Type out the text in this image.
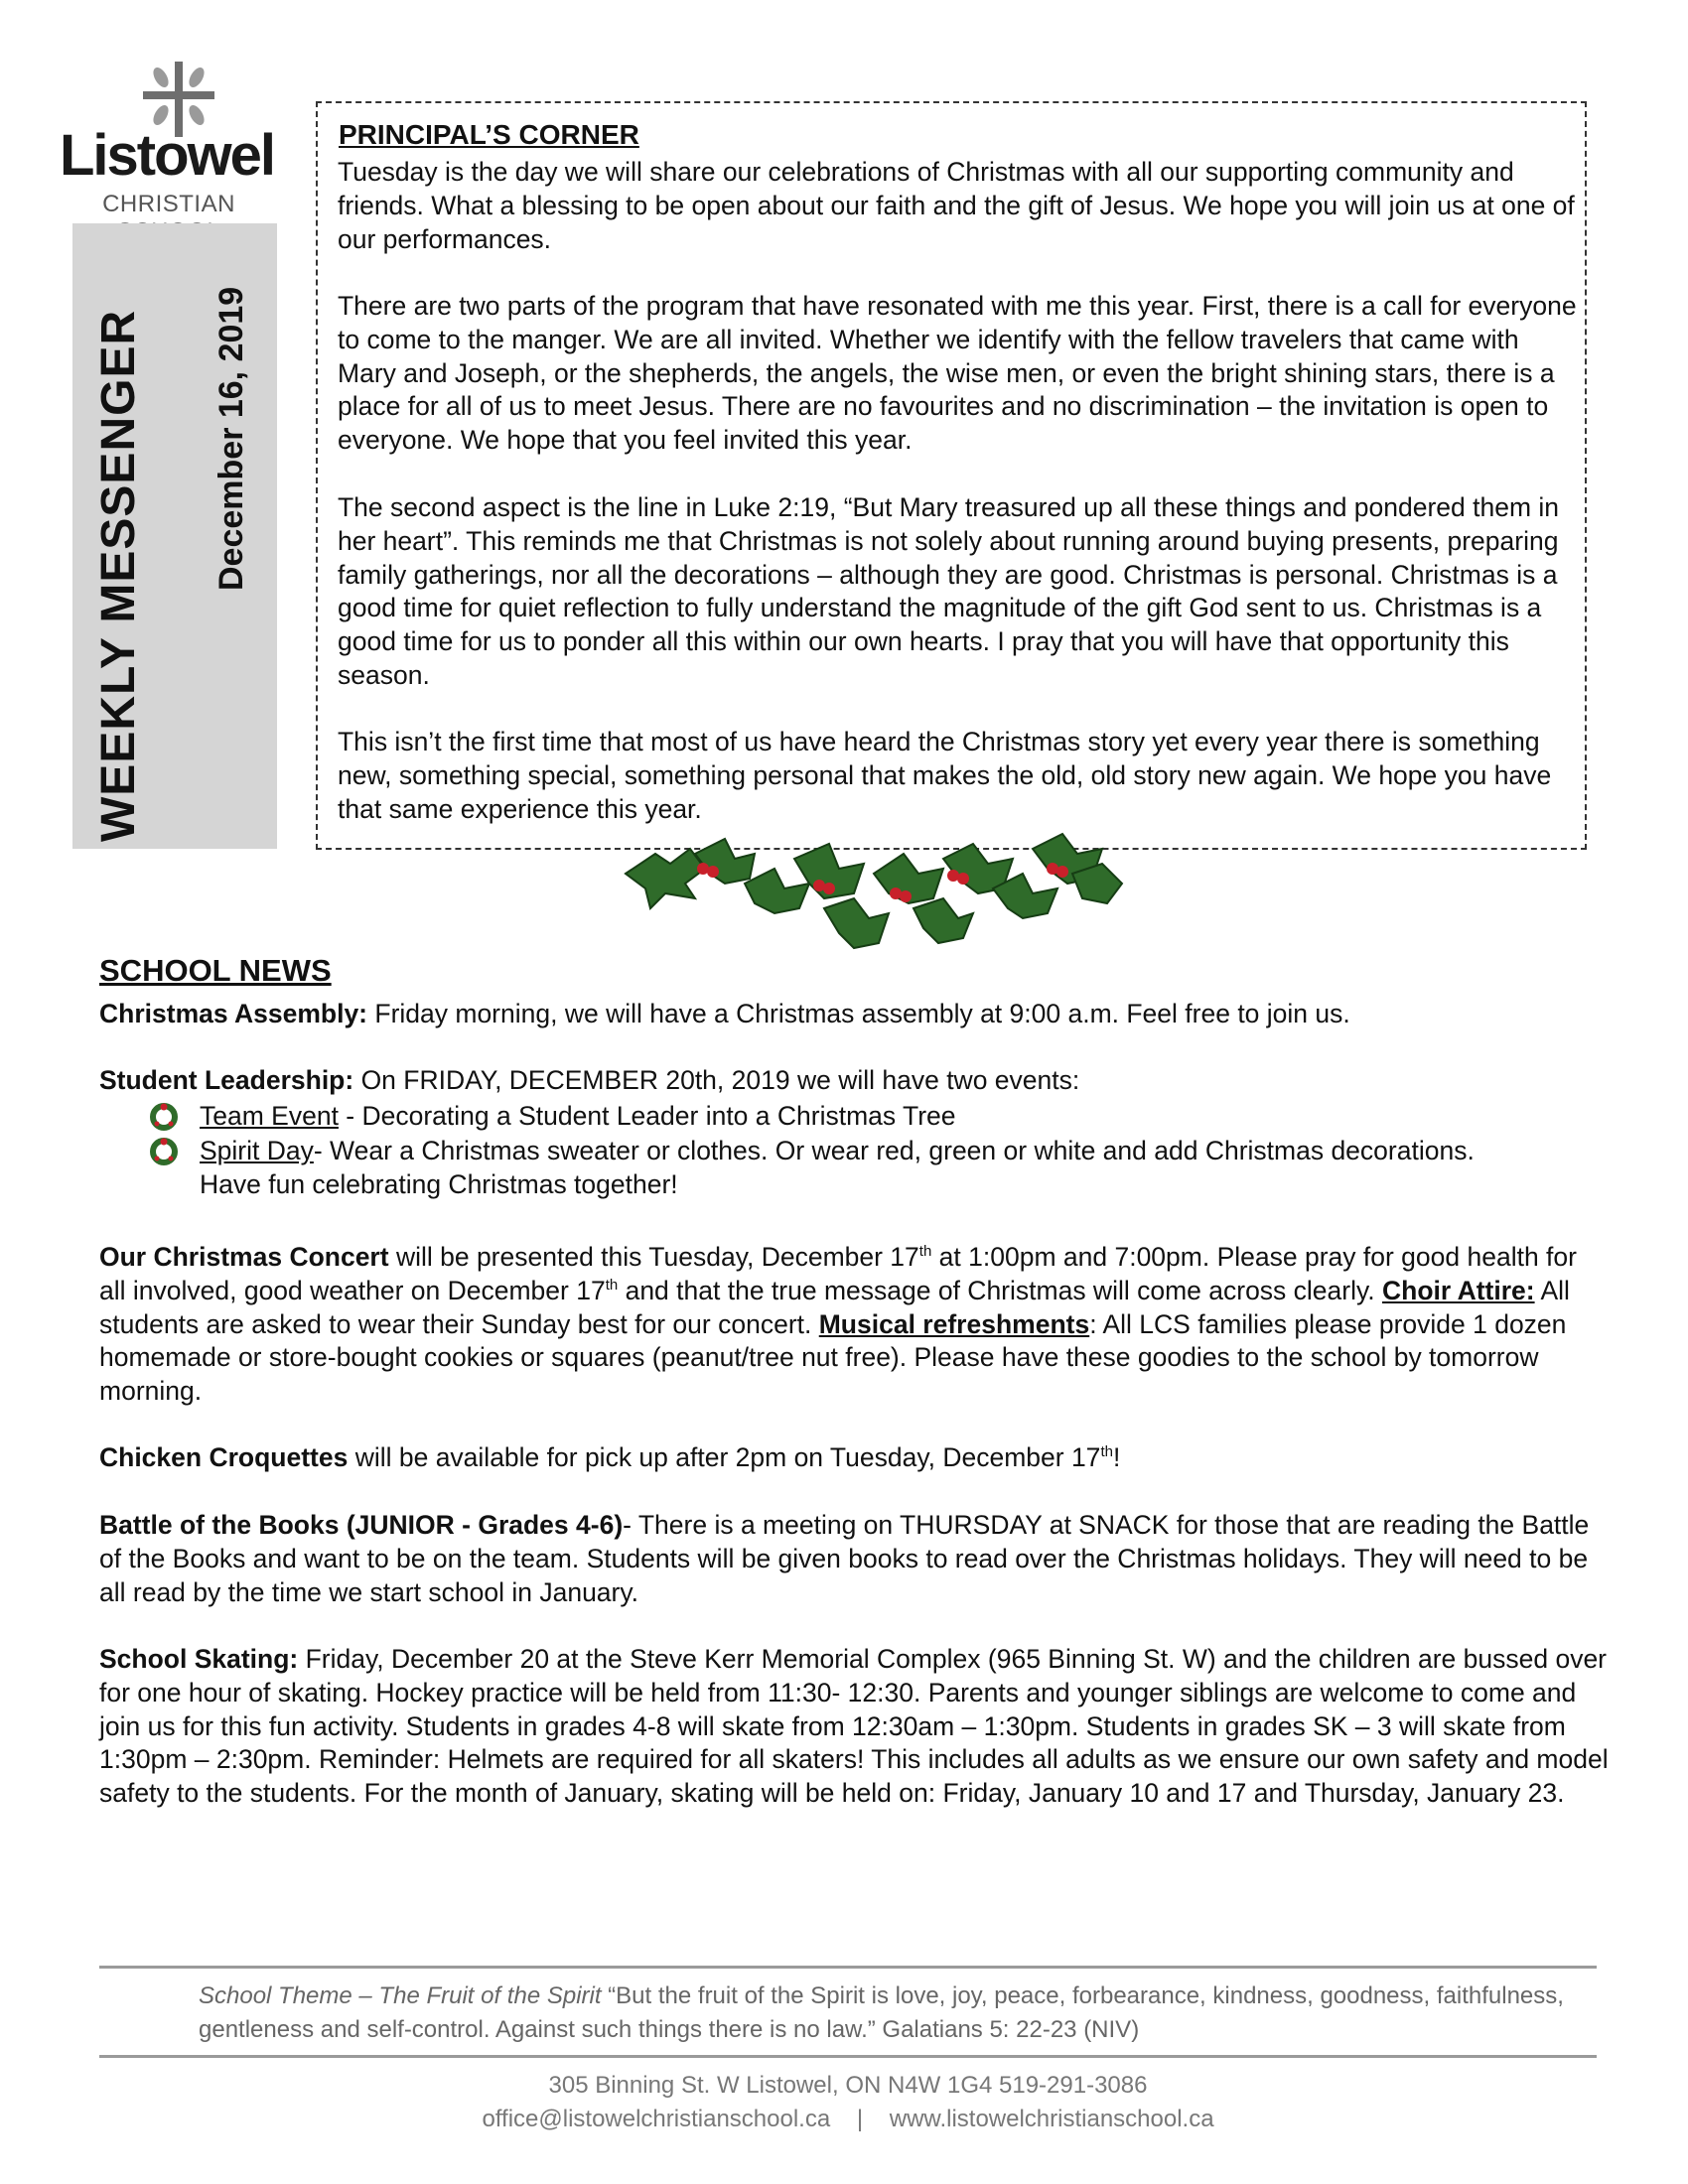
Listowel
CHRISTIAN
WEEKLY MESSENGER December 16, 2019
PRINCIPAL’S CORNER

Tuesday is the day we will share our celebrations of Christmas with all our supporting community and friends. What a blessing to be open about our faith and the gift of Jesus. We hope you will join us at one of our performances.

There are two parts of the program that have resonated with me this year. First, there is a call for everyone to come to the manger. We are all invited. Whether we identify with the fellow travelers that came with Mary and Joseph, or the shepherds, the angels, the wise men, or even the bright shining stars, there is a place for all of us to meet Jesus. There are no favourites and no discrimination – the invitation is open to everyone. We hope that you feel invited this year.

The second aspect is the line in Luke 2:19, “But Mary treasured up all these things and pondered them in her heart”. This reminds me that Christmas is not solely about running around buying presents, preparing family gatherings, nor all the decorations – although they are good. Christmas is personal. Christmas is a good time for quiet reflection to fully understand the magnitude of the gift God sent to us. Christmas is a good time for us to ponder all this within our own hearts. I pray that you will have that opportunity this season.

This isn’t the first time that most of us have heard the Christmas story yet every year there is something new, something special, something personal that makes the old, old story new again. We hope you have that same experience this year.

SCHOOL NEWS

Christmas Assembly: Friday morning, we will have a Christmas assembly at 9:00 a.m. Feel free to join us.

Student Leadership: On FRIDAY, DECEMBER 20th, 2019 we will have two events:

Team Event - Decorating a Student Leader into a Christmas Tree
Spirit Day- Wear a Christmas sweater or clothes. Or wear red, green or white and add Christmas decorations. Have fun celebrating Christmas together!

Our Christmas Concert will be presented this Tuesday, December 17th at 1:00pm and 7:00pm. Please pray for good health for all involved, good weather on December 17th and that the true message of Christmas will come across clearly. Choir Attire: All students are asked to wear their Sunday best for our concert. Musical refreshments: All LCS families please provide 1 dozen homemade or store-bought cookies or squares (peanut/tree nut free). Please have these goodies to the school by tomorrow morning.

Chicken Croquettes will be available for pick up after 2pm on Tuesday, December 17th!

Battle of the Books (JUNIOR - Grades 4-6)- There is a meeting on THURSDAY at SNACK for those that are reading the Battle of the Books and want to be on the team. Students will be given books to read over the Christmas holidays. They will need to be all read by the time we start school in January.

School Skating: Friday, December 20 at the Steve Kerr Memorial Complex (965 Binning St. W) and the children are bussed over for one hour of skating. Hockey practice will be held from 11:30- 12:30. Parents and younger siblings are welcome to come and join us for this fun activity. Students in grades 4-8 will skate from 12:30am – 1:30pm. Students in grades SK – 3 will skate from 1:30pm – 2:30pm. Reminder: Helmets are required for all skaters! This includes all adults as we ensure our own safety and model safety to the students. For the month of January, skating will be held on: Friday, January 10 and 17 and Thursday, January 23.

School Theme – The Fruit of the Spirit “But the fruit of the Spirit is love, joy, peace, forbearance, kindness, goodness, faithfulness, gentleness and self-control. Against such things there is no law.” Galatians 5: 22-23 (NIV)
305 Binning St. W Listowel, ON N4W 1G4 519-291-3086
office@listowelchristianschool.ca | www.listowelchristianschool.ca
